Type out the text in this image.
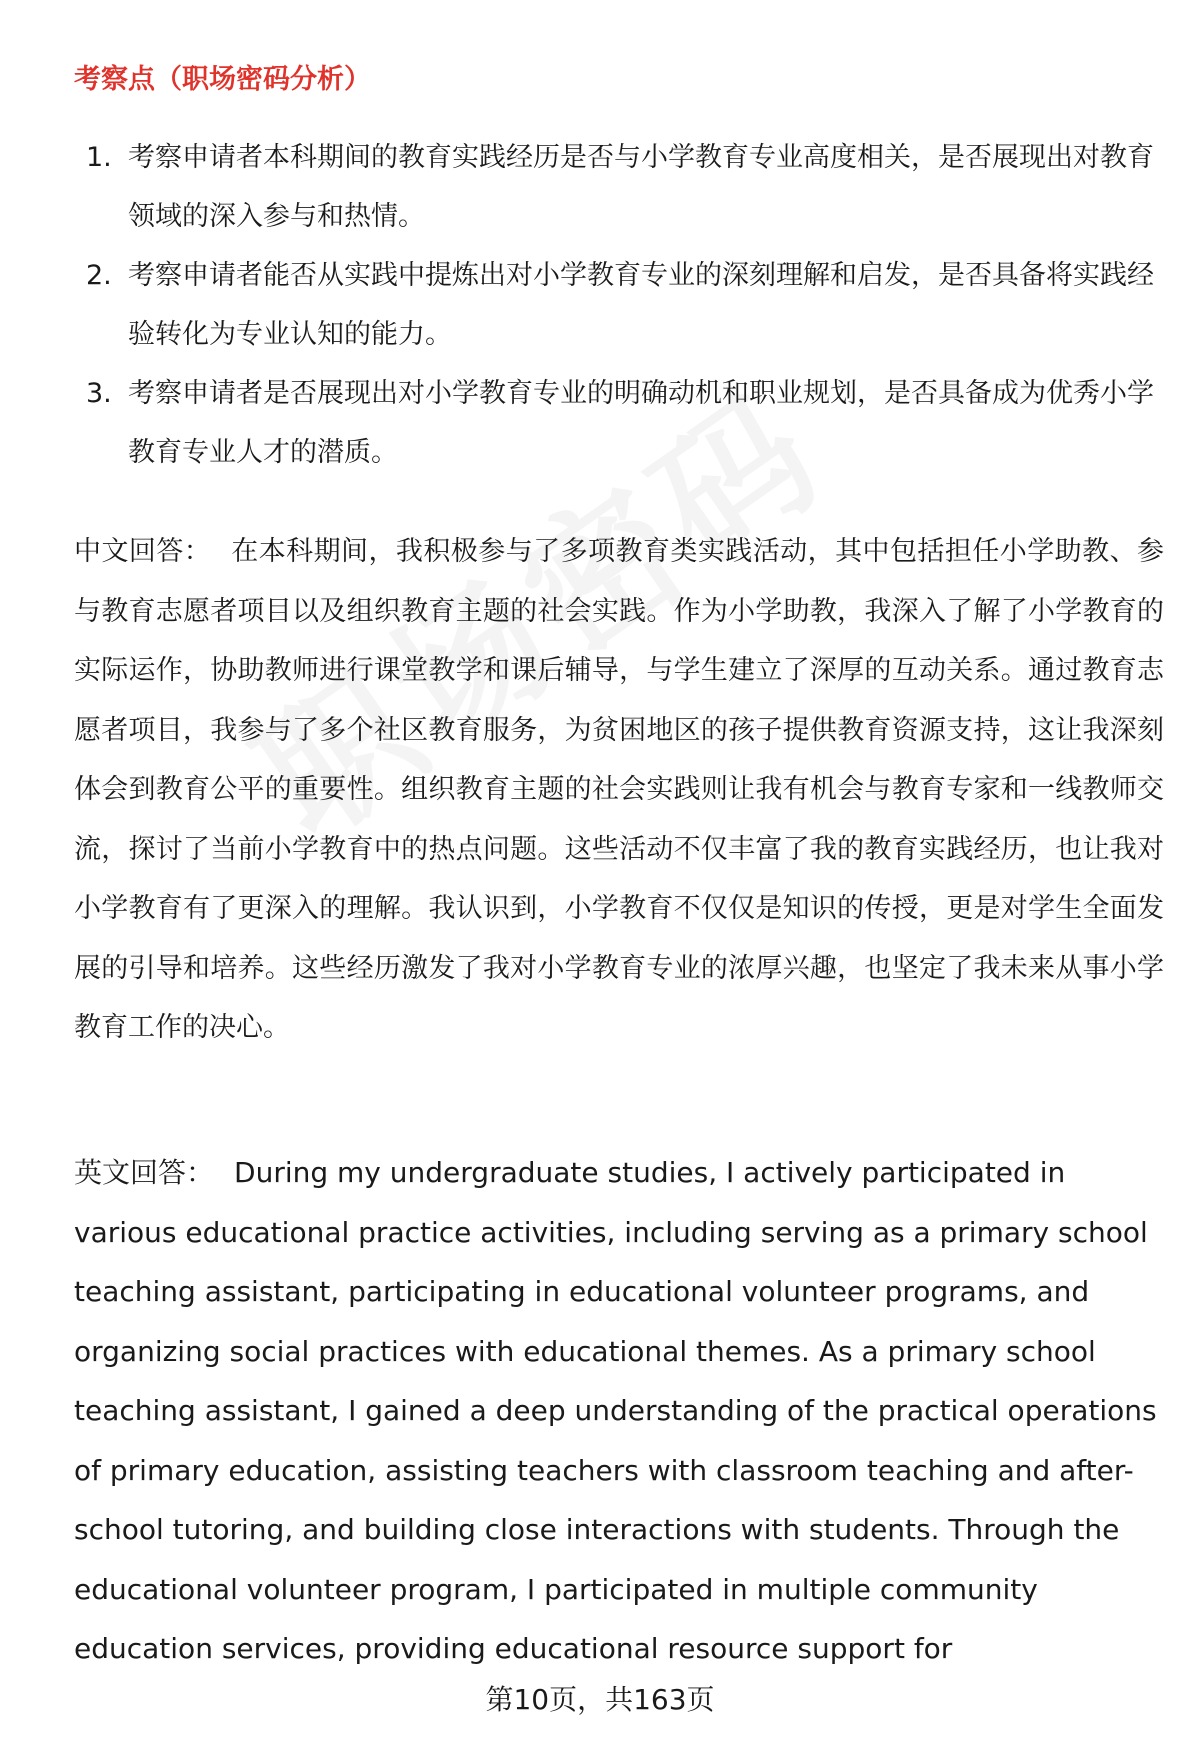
考察点（职场密码分析）
1. 考察申请者本科期间的教育实践经历是否与小学教育专业高度相关，是否展现出对教育领域的深入参与和热情。
2. 考察申请者能否从实践中提炼出对小学教育专业的深刻理解和启发，是否具备将实践经验转化为专业认知的能力。
3. 考察申请者是否展现出对小学教育专业的明确动机和职业规划，是否具备成为优秀小学教育专业人才的潜质。
中文回答： 在本科期间，我积极参与了多项教育类实践活动，其中包括担任小学助教、参与教育志愿者项目以及组织教育主题的社会实践。作为小学助教，我深入了解了小学教育的实际运作，协助教师进行课堂教学和课后辅导，与学生建立了深厚的互动关系。通过教育志愿者项目，我参与了多个社区教育服务，为贫困地区的孩子提供教育资源支持，这让我深刻体会到教育公平的重要性。组织教育主题的社会实践则让我有机会与教育专家和一线教师交流，探讨了当前小学教育中的热点问题。这些活动不仅丰富了我的教育实践经历，也让我对小学教育有了更深入的理解。我认识到，小学教育不仅仅是知识的传授，更是对学生全面发展的引导和培养。这些经历激发了我对小学教育专业的浓厚兴趣，也坚定了我未来从事小学教育工作的决心。
英文回答： During my undergraduate studies, I actively participated in various educational practice activities, including serving as a primary school teaching assistant, participating in educational volunteer programs, and organizing social practices with educational themes. As a primary school teaching assistant, I gained a deep understanding of the practical operations of primary education, assisting teachers with classroom teaching and after-school tutoring, and building close interactions with students. Through the educational volunteer program, I participated in multiple community education services, providing educational resource support for
第10页，共163页
